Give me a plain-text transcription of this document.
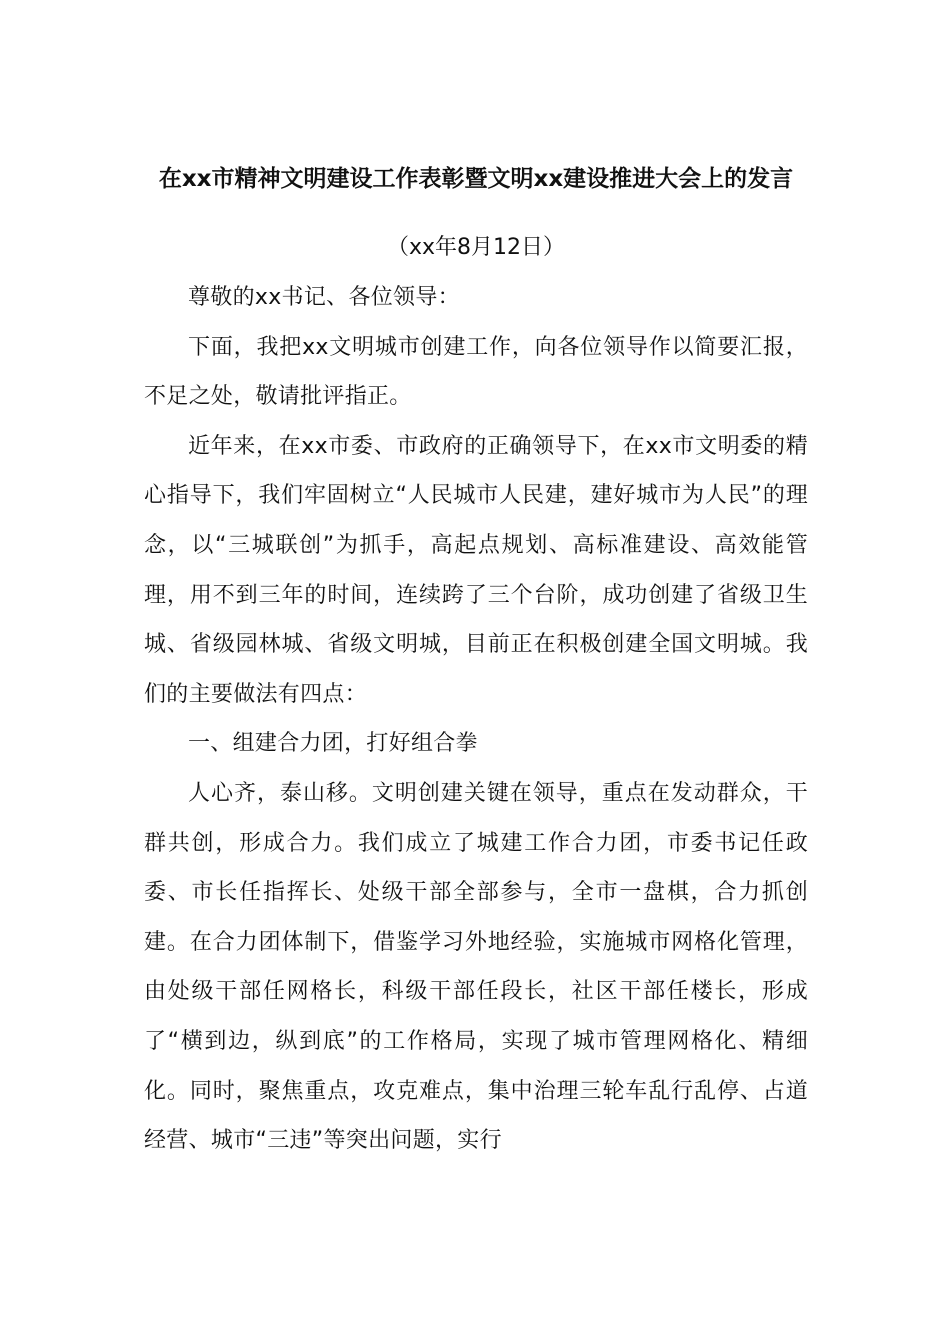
在xx市精神文明建设工作表彰暨文明xx建设推进大会上的发言

（xx年8月12日）

尊敬的xx书记、各位领导：

下面，我把xx文明城市创建工作，向各位领导作以简要汇报，不足之处，敬请批评指正。

近年来，在xx市委、市政府的正确领导下，在xx市文明委的精心指导下，我们牢固树立“人民城市人民建，建好城市为人民”的理念，以“三城联创”为抓手，高起点规划、高标准建设、高效能管理，用不到三年的时间，连续跨了三个台阶，成功创建了省级卫生城、省级园林城、省级文明城，目前正在积极创建全国文明城。我们的主要做法有四点：

一、组建合力团，打好组合拳

人心齐，泰山移。文明创建关键在领导，重点在发动群众，干群共创，形成合力。我们成立了城建工作合力团，市委书记任政委、市长任指挥长、处级干部全部参与，全市一盘棋，合力抓创建。在合力团体制下，借鉴学习外地经验，实施城市网格化管理，由处级干部任网格长，科级干部任段长，社区干部任楼长，形成了“横到边，纵到底”的工作格局，实现了城市管理网格化、精细化。同时，聚焦重点，攻克难点，集中治理三轮车乱行乱停、占道经营、城市“三违”等突出问题，实行
